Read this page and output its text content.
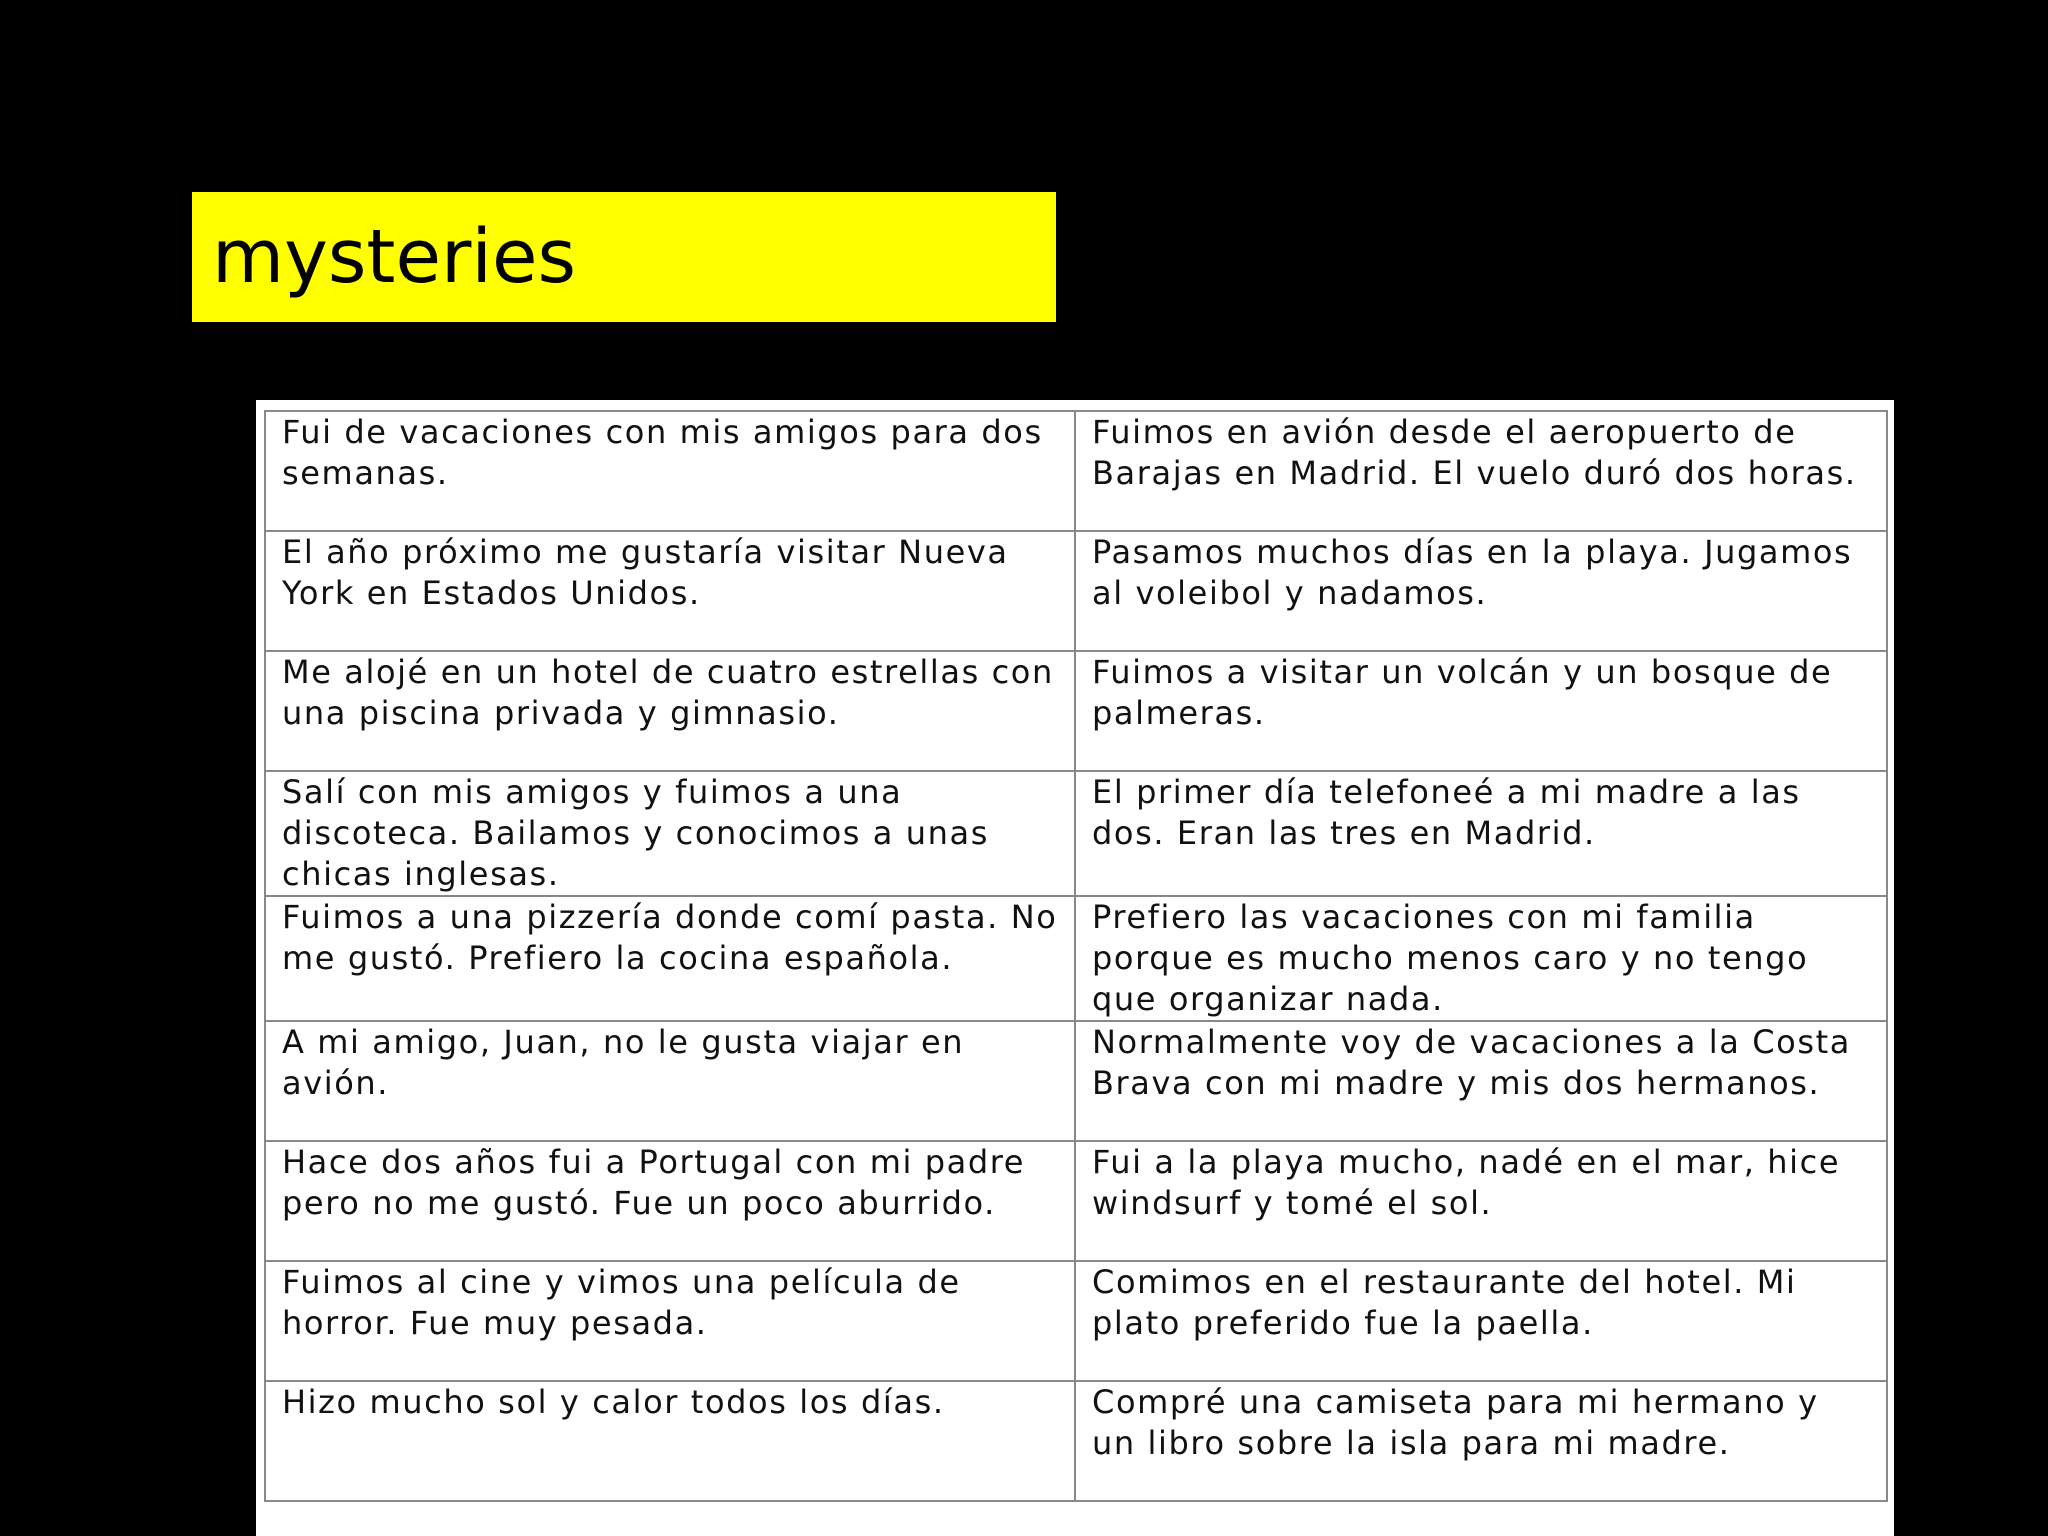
mysteries
Fui de vacaciones con mis amigos para dos semanas.	Fuimos en avión desde el aeropuerto de Barajas en Madrid. El vuelo duró dos horas.
El año próximo me gustaría visitar Nueva York en Estados Unidos.	Pasamos muchos días en la playa. Jugamos al voleibol y nadamos.
Me alojé en un hotel de cuatro estrellas con una piscina privada y gimnasio.	Fuimos a visitar un volcán y un bosque de palmeras.
Salí con mis amigos y fuimos a una discoteca. Bailamos y conocimos a unas chicas inglesas.	El primer día telefoneé a mi madre a las dos. Eran las tres en Madrid.
Fuimos a una pizzería donde comí pasta. No me gustó. Prefiero la cocina española.	Prefiero las vacaciones con mi familia porque es mucho menos caro y no tengo que organizar nada.
A mi amigo, Juan, no le gusta viajar en avión.	Normalmente voy de vacaciones a la Costa Brava con mi madre y mis dos hermanos.
Hace dos años fui a Portugal con mi padre pero no me gustó. Fue un poco aburrido.	Fui a la playa mucho, nadé en el mar, hice windsurf y tomé el sol.
Fuimos al cine y vimos una película de horror. Fue muy pesada.	Comimos en el restaurante del hotel. Mi plato preferido fue la paella.
Hizo mucho sol y calor todos los días.	Compré una camiseta para mi hermano y un libro sobre la isla para mi madre.
